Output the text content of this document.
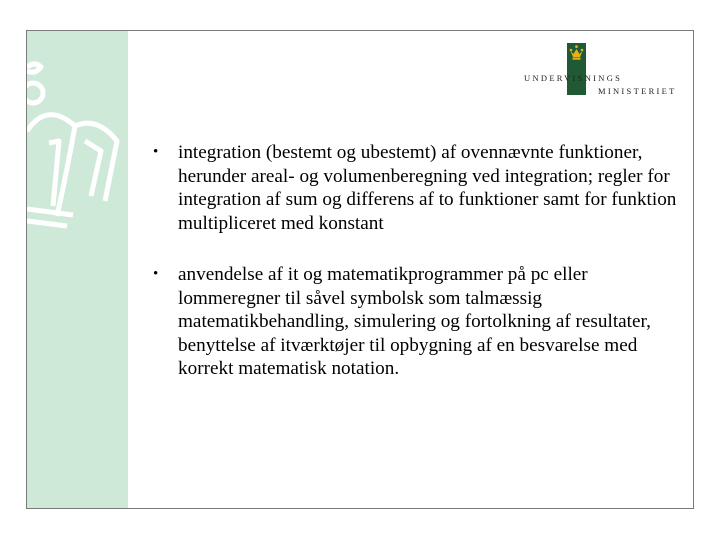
UNDERVISNINGS
MINISTERIET
• integration (bestemt og ubestemt) af ovennævnte funktioner, herunder areal- og volumenberegning ved integration; regler for integration af sum og differens af to funktioner samt for funktion multipliceret med konstant
• anvendelse af it og matematikprogrammer på pc eller lommeregner til såvel symbolsk som talmæssig matematikbehandling, simulering og fortolkning af resultater, benyttelse af itværktøjer til opbygning af en besvarelse med korrekt matematisk notation.
